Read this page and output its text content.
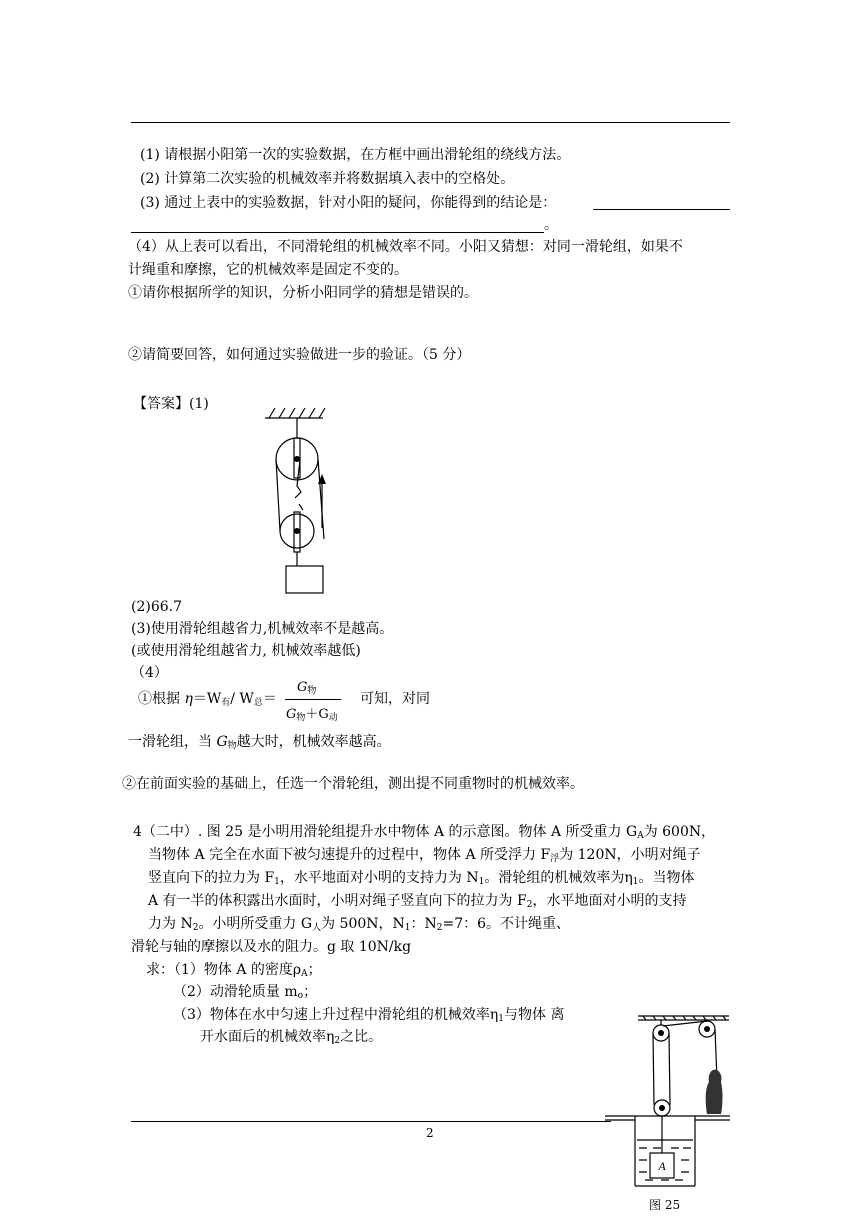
(1) 请根据小阳第一次的实验数据，在方框中画出滑轮组的绕线方法。
(2) 计算第二次实验的机械效率并将数据填入表中的空格处。
(3) 通过上表中的实验数据，针对小阳的疑问，你能得到的结论是：
。
（4）从上表可以看出，不同滑轮组的机械效率不同。小阳又猜想：对同一滑轮组，如果不
计绳重和摩擦，它的机械效率是固定不变的。
①请你根据所学的知识，分析小阳同学的猜想是错误的。
②请简要回答，如何通过实验做进一步的验证。（5 分）
【答案】(1)
(2)66.7
(3)使用滑轮组越省力,机械效率不是越高。
(或使用滑轮组越省力, 机械效率越低)
（4）
①根据 $\eta=W_有/$ $W_总=$
$G_物$
$G_物+G_动$
可知，对同
一滑轮组，当 $G_物$越大时，机械效率越高。
②在前面实验的基础上，任选一个滑轮组，测出提不同重物时的机械效率。
4（二中）. 图 25 是小明用滑轮组提升水中物体 A 的示意图。物体 A 所受重力 $G_A$为 600N，
当物体 A 完全在水面下被匀速提升的过程中，物体 A 所受浮力 $F_浮$为 120N，小明对绳子
竖直向下的拉力为 $F_1$，水平地面对小明的支持力为 $N_1$。滑轮组的机械效率为$\eta_1$。当物体
A 有一半的体积露出水面时，小明对绳子竖直向下的拉力为 $F_2$，水平地面对小明的支持
力为 $N_2$。小明所受重力 $G_人$为 500N，$N_1$：$N_2=7$：6。不计绳重、
滑轮与轴的摩擦以及水的阻力。g 取 10N/kg
求：（1）物体 A 的密度$\rho_A$；
（2）动滑轮质量 $m_o$；
（3）物体在水中匀速上升过程中滑轮组的机械效率$\eta_1$与物体 离
开水面后的机械效率$\eta_2$之比。
2
A
图 25
